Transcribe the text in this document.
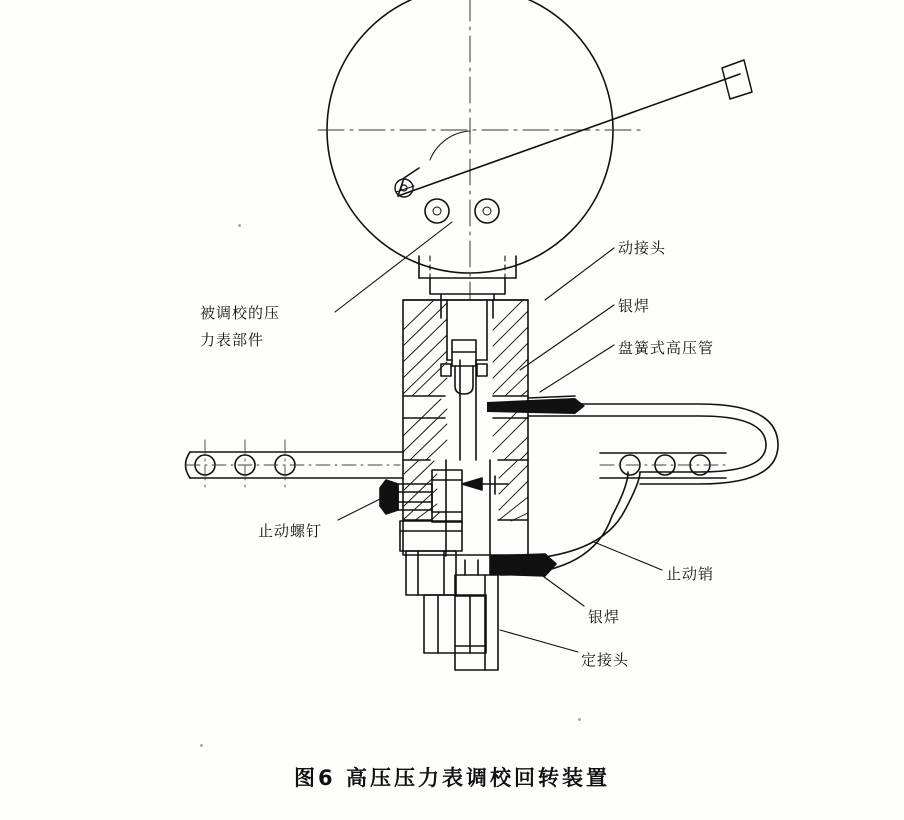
动接头
银焊
盘簧式高压管
被调校的压
力表部件
止动螺钉
止动销
银焊
定接头
图6 高压压力表调校回转装置
